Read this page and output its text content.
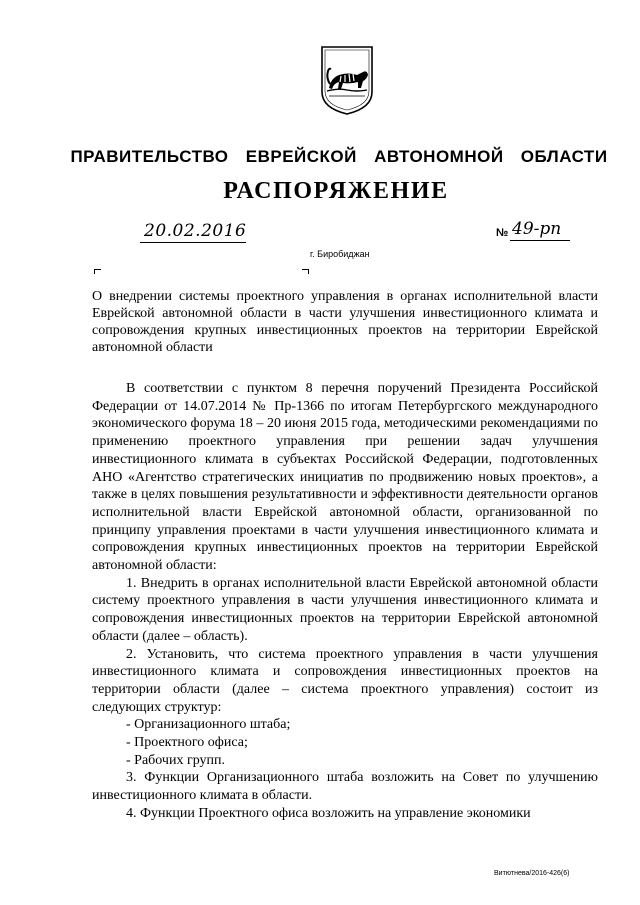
ПРАВИТЕЛЬСТВО ЕВРЕЙСКОЙ АВТОНОМНОЙ ОБЛАСТИ
РАСПОРЯЖЕНИЕ
20.02.2016	№ 49-рп
г. Биробиджан
О внедрении системы проектного управления в органах исполнительной власти Еврейской автономной области в части улучшения инвестиционного климата и сопровождения крупных инвестиционных проектов на территории Еврейской автономной области

В соответствии с пунктом 8 перечня поручений Президента Российской Федерации от 14.07.2014 № Пр-1366 по итогам Петербургского международного экономического форума 18 – 20 июня 2015 года, методическими рекомендациями по применению проектного управления при решении задач улучшения инвестиционного климата в субъектах Российской Федерации, подготовленных АНО «Агентство стратегических инициатив по продвижению новых проектов», а также в целях повышения результативности и эффективности деятельности органов исполнительной власти Еврейской автономной области, организованной по принципу управления проектами в части улучшения инвестиционного климата и сопровождения крупных инвестиционных проектов на территории Еврейской автономной области:

1. Внедрить в органах исполнительной власти Еврейской автономной области систему проектного управления в части улучшения инвестиционного климата и сопровождения инвестиционных проектов на территории Еврейской автономной области (далее – область).

2. Установить, что система проектного управления в части улучшения инвестиционного климата и сопровождения инвестиционных проектов на территории области (далее – система проектного управления) состоит из следующих структур:

- Организационного штаба;

- Проектного офиса;

- Рабочих групп.

3. Функции Организационного штаба возложить на Совет по улучшению инвестиционного климата в области.

4. Функции Проектного офиса возложить на управление экономики

Витютнева/2016-426(6)
